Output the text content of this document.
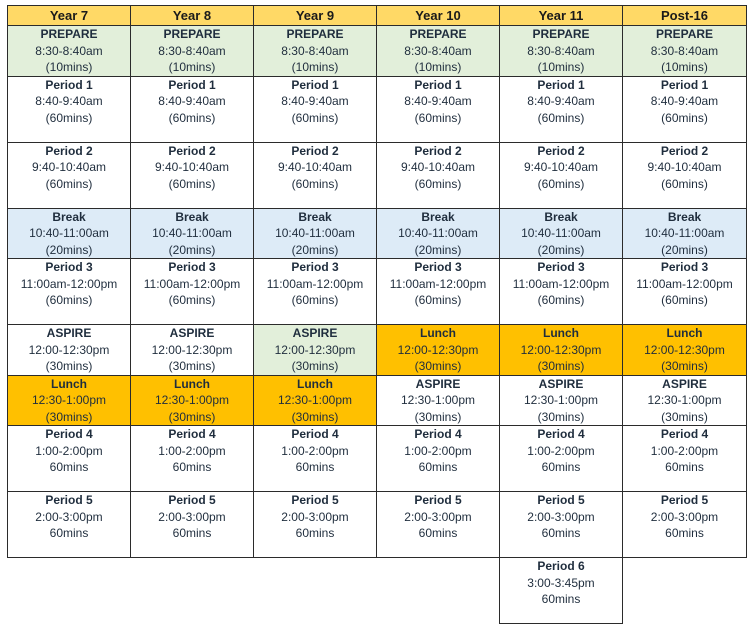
Year 7	Year 8	Year 9	Year 10	Year 11	Post-16

PREPARE
8:30-8:40am
(10mins)	PREPARE
8:30-8:40am
(10mins)	PREPARE
8:30-8:40am
(10mins)	PREPARE
8:30-8:40am
(10mins)	PREPARE
8:30-8:40am
(10mins)	PREPARE
8:30-8:40am
(10mins)

Period 1
8:40-9:40am
(60mins)	Period 1
8:40-9:40am
(60mins)	Period 1
8:40-9:40am
(60mins)	Period 1
8:40-9:40am
(60mins)	Period 1
8:40-9:40am
(60mins)	Period 1
8:40-9:40am
(60mins)

Period 2
9:40-10:40am
(60mins)	Period 2
9:40-10:40am
(60mins)	Period 2
9:40-10:40am
(60mins)	Period 2
9:40-10:40am
(60mins)	Period 2
9:40-10:40am
(60mins)	Period 2
9:40-10:40am
(60mins)

Break
10:40-11:00am
(20mins)	Break
10:40-11:00am
(20mins)	Break
10:40-11:00am
(20mins)	Break
10:40-11:00am
(20mins)	Break
10:40-11:00am
(20mins)	Break
10:40-11:00am
(20mins)

Period 3
11:00am-12:00pm
(60mins)	Period 3
11:00am-12:00pm
(60mins)	Period 3
11:00am-12:00pm
(60mins)	Period 3
11:00am-12:00pm
(60mins)	Period 3
11:00am-12:00pm
(60mins)	Period 3
11:00am-12:00pm
(60mins)

ASPIRE
12:00-12:30pm
(30mins)	ASPIRE
12:00-12:30pm
(30mins)	ASPIRE
12:00-12:30pm
(30mins)	Lunch
12:00-12:30pm
(30mins)	Lunch
12:00-12:30pm
(30mins)	Lunch
12:00-12:30pm
(30mins)

Lunch
12:30-1:00pm
(30mins)	Lunch
12:30-1:00pm
(30mins)	Lunch
12:30-1:00pm
(30mins)	ASPIRE
12:30-1:00pm
(30mins)	ASPIRE
12:30-1:00pm
(30mins)	ASPIRE
12:30-1:00pm
(30mins)

Period 4
1:00-2:00pm
60mins	Period 4
1:00-2:00pm
60mins	Period 4
1:00-2:00pm
60mins	Period 4
1:00-2:00pm
60mins	Period 4
1:00-2:00pm
60mins	Period 4
1:00-2:00pm
60mins

Period 5
2:00-3:00pm
60mins	Period 5
2:00-3:00pm
60mins	Period 5
2:00-3:00pm
60mins	Period 5
2:00-3:00pm
60mins	Period 5
2:00-3:00pm
60mins	Period 5
2:00-3:00pm
60mins

				Period 6
3:00-3:45pm
60mins	
